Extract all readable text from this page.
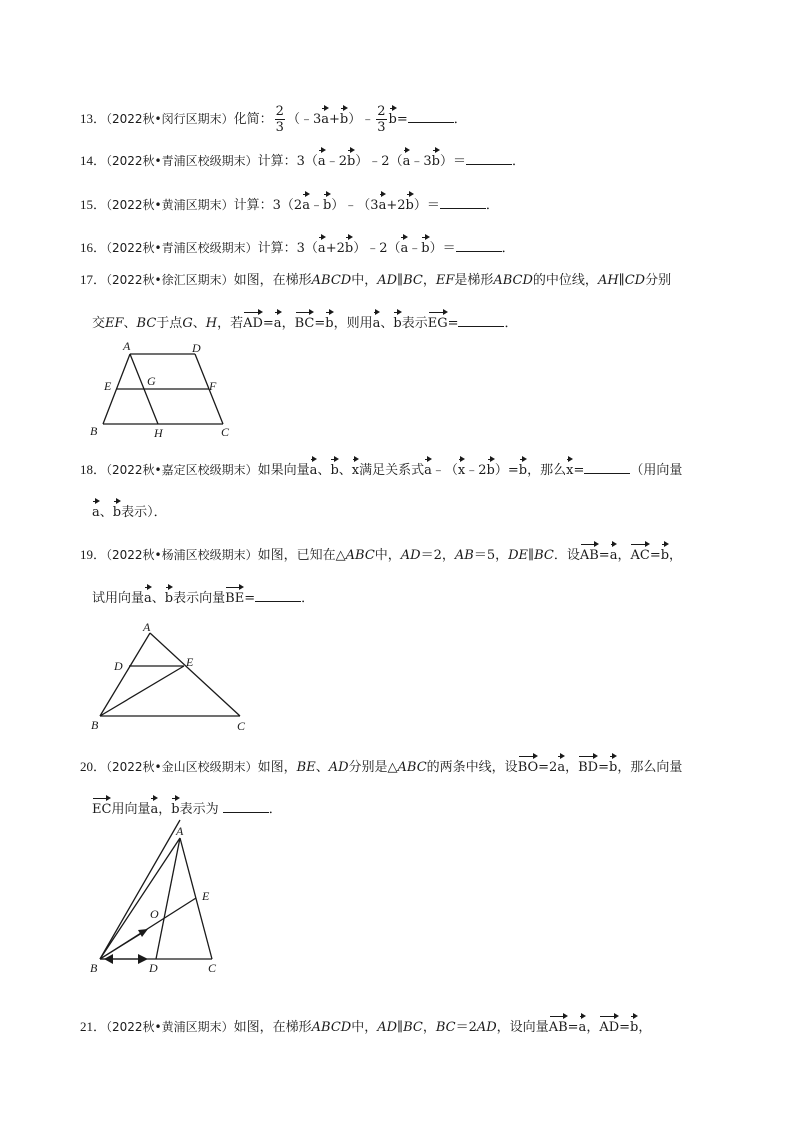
13．（2022秋•闵行区期末）化简： $\frac{2}{3}$ （﹣3a+b）﹣ $\frac{2}{3} b=$	．
14．（2022秋•青浦区校级期末）计算：3（a﹣2b）﹣2（a﹣3b）＝	．
15．（2022秋•黄浦区期末）计算：3（2a﹣b）﹣（3a+2b）＝	．
16．（2022秋•青浦区校级期末）计算：3（a+2b）﹣2（a﹣b）＝	．
17．（2022秋•徐汇区期末）如图，在梯形ABCD中，AD∥BC，EF是梯形ABCD的中位线，AH∥CD分别
交EF、BC于点G、H，若AD=a，BC=b，则用a、b表示EG=	．
A	D
E	G	F
B	H	C
18．（2022秋•嘉定区校级期末）如果向量a、b、x满足关系式a﹣（x﹣2b）=b，那么x=	（用向量
a、b表示）．
19．（2022秋•杨浦区校级期末）如图，已知在△ABC中，AD＝2，AB＝5，DE∥BC．设AB=a，AC=b，
试用向量a、b表示向量BE=	．
A
D	E
B	C
20．（2022秋•金山区校级期末）如图，BE、AD分别是△ABC的两条中线，设BO=2a，BD=b，那么向量
EC用向量a，b表示为	．
A
E
O
B	D	C
21．（2022秋•黄浦区期末）如图，在梯形ABCD中，AD∥BC，BC＝2AD，设向量AB=a，AD=b，
